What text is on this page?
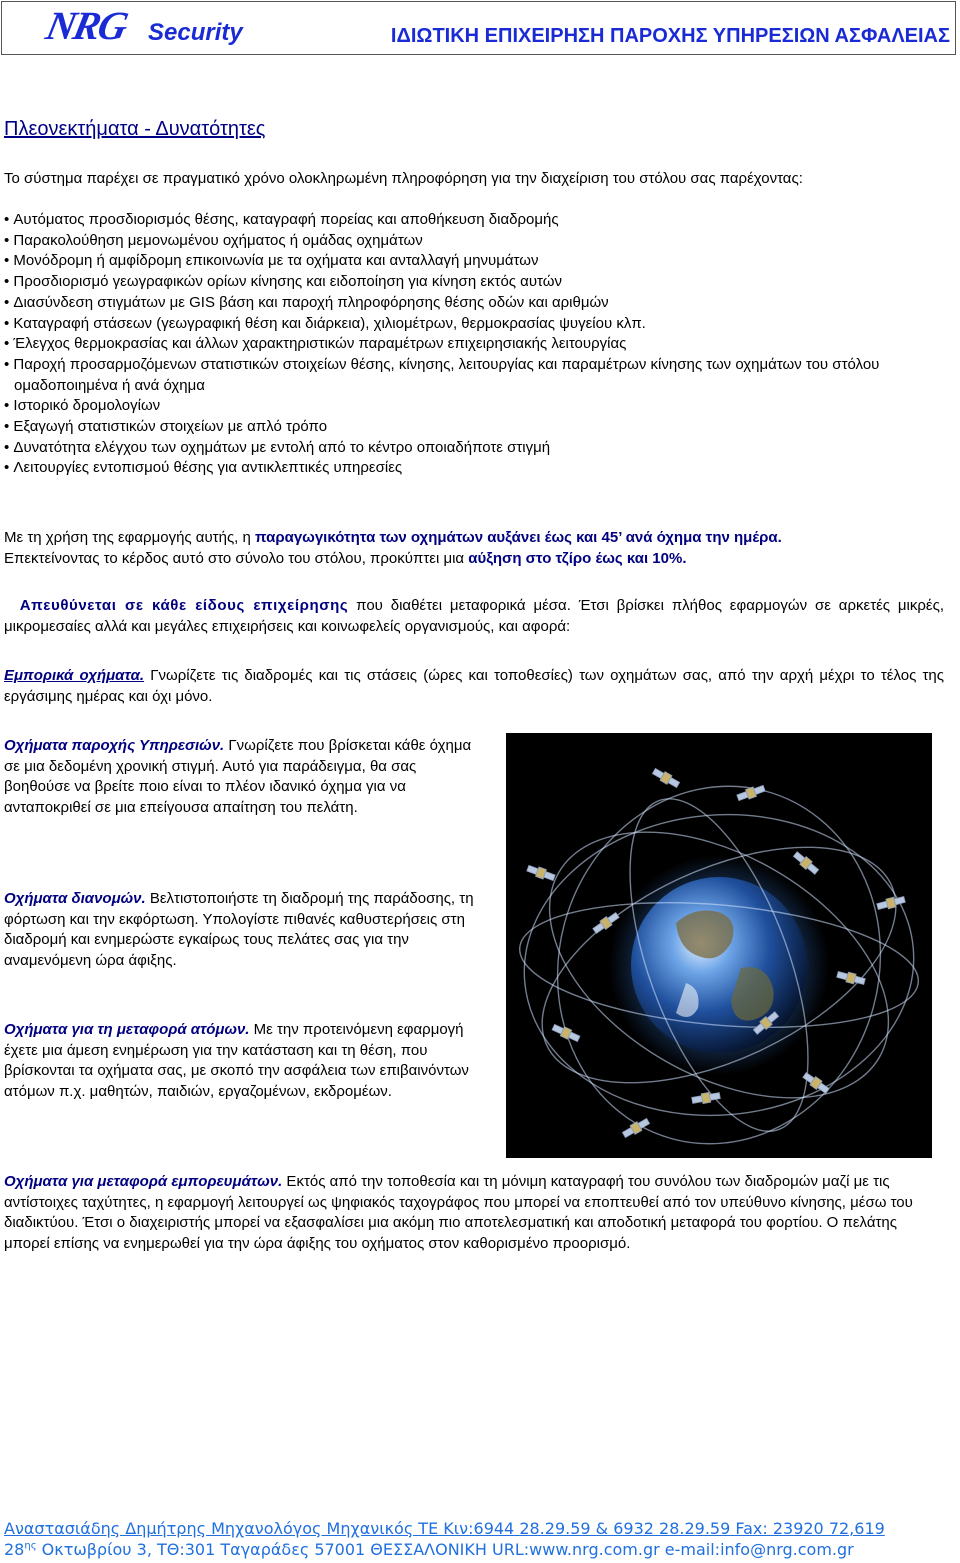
NRG Security	ΙΔΙΩΤΙΚΗ ΕΠΙΧΕΙΡΗΣΗ ΠΑΡΟΧΗΣ ΥΠΗΡΕΣΙΩΝ ΑΣΦΑΛΕΙΑΣ
Πλεονεκτήματα - Δυνατότητες
Το σύστημα παρέχει σε πραγματικό χρόνο ολοκληρωμένη πληροφόρηση για την διαχείριση του στόλου σας παρέχοντας:
• Αυτόματος προσδιορισμός θέσης, καταγραφή πορείας και αποθήκευση διαδρομής
• Παρακολούθηση μεμονωμένου οχήματος ή ομάδας οχημάτων
• Μονόδρομη ή αμφίδρομη επικοινωνία με τα οχήματα και ανταλλαγή μηνυμάτων
• Προσδιορισμό γεωγραφικών ορίων κίνησης και ειδοποίηση για κίνηση εκτός αυτών
• Διασύνδεση στιγμάτων με GIS βάση και παροχή πληροφόρησης θέσης οδών και αριθμών
• Καταγραφή στάσεων (γεωγραφική θέση και διάρκεια), χιλιομέτρων, θερμοκρασίας ψυγείου κλπ.
• Έλεγχος θερμοκρασίας και άλλων χαρακτηριστικών παραμέτρων επιχειρησιακής λειτουργίας
• Παροχή προσαρμοζόμενων στατιστικών στοιχείων θέσης, κίνησης, λειτουργίας και παραμέτρων κίνησης των οχημάτων του στόλου ομαδοποιημένα ή ανά όχημα
• Ιστορικό δρομολογίων
• Εξαγωγή στατιστικών στοιχείων με απλό τρόπο
• Δυνατότητα ελέγχου των οχημάτων με εντολή από το κέντρο οποιαδήποτε στιγμή
• Λειτουργίες εντοπισμού θέσης για αντικλεπτικές υπηρεσίες
Με τη χρήση της εφαρμογής αυτής, η παραγωγικότητα των οχημάτων αυξάνει έως και 45’ ανά όχημα την ημέρα.
Επεκτείνοντας το κέρδος αυτό στο σύνολο του στόλου, προκύπτει μια αύξηση στο τζίρο έως και 10%.
Απευθύνεται σε κάθε είδους επιχείρησης που διαθέτει μεταφορικά μέσα. Έτσι βρίσκει πλήθος εφαρμογών σε αρκετές μικρές, μικρομεσαίες αλλά και μεγάλες επιχειρήσεις και κοινωφελείς οργανισμούς, και αφορά:
Εμπορικά οχήματα. Γνωρίζετε τις διαδρομές και τις στάσεις (ώρες και τοποθεσίες) των οχημάτων σας, από την αρχή μέχρι το τέλος της εργάσιμης ημέρας και όχι μόνο.
Οχήματα παροχής Υπηρεσιών. Γνωρίζετε που βρίσκεται κάθε όχημα σε μια δεδομένη χρονική στιγμή. Αυτό για παράδειγμα, θα σας βοηθούσε να βρείτε ποιο είναι το πλέον ιδανικό όχημα για να ανταποκριθεί σε μια επείγουσα απαίτηση του πελάτη.
Οχήματα διανομών. Βελτιστοποιήστε τη διαδρομή της παράδοσης, τη φόρτωση και την εκφόρτωση. Υπολογίστε πιθανές καθυστερήσεις στη διαδρομή και ενημερώστε εγκαίρως τους πελάτες σας για την αναμενόμενη ώρα άφιξης.
Οχήματα για τη μεταφορά ατόμων. Με την προτεινόμενη εφαρμογή έχετε μια άμεση ενημέρωση για την κατάσταση και τη θέση, που βρίσκονται τα οχήματα σας, με σκοπό την ασφάλεια των επιβαινόντων ατόμων π.χ. μαθητών, παιδιών, εργαζομένων, εκδρομέων.
Οχήματα για μεταφορά εμπορευμάτων. Εκτός από την τοποθεσία και τη μόνιμη καταγραφή του συνόλου των διαδρομών μαζί με τις αντίστοιχες ταχύτητες, η εφαρμογή λειτουργεί ως ψηφιακός ταχογράφος που μπορεί να εποπτευθεί από τον υπεύθυνο κίνησης, μέσω του διαδικτύου. Έτσι ο διαχειριστής μπορεί να εξασφαλίσει μια ακόμη πιο αποτελεσματική και αποδοτική μεταφορά του φορτίου. Ο πελάτης μπορεί επίσης να ενημερωθεί για την ώρα άφιξης του οχήματος στον καθορισμένο προορισμό.
Αναστασιάδης Δημήτρης Μηχανολόγος Μηχανικός ΤΕ Κιν:6944 28.29.59 & 6932 28.29.59 Fax: 23920 72,619
$28^{\eta\varsigma}$ Οκτωβρίου 3, ΤΘ:301 Ταγαράδες 57001 ΘΕΣΣΑΛΟΝΙΚΗ URL:www.nrg.com.gr e-mail:info@nrg.com.gr
